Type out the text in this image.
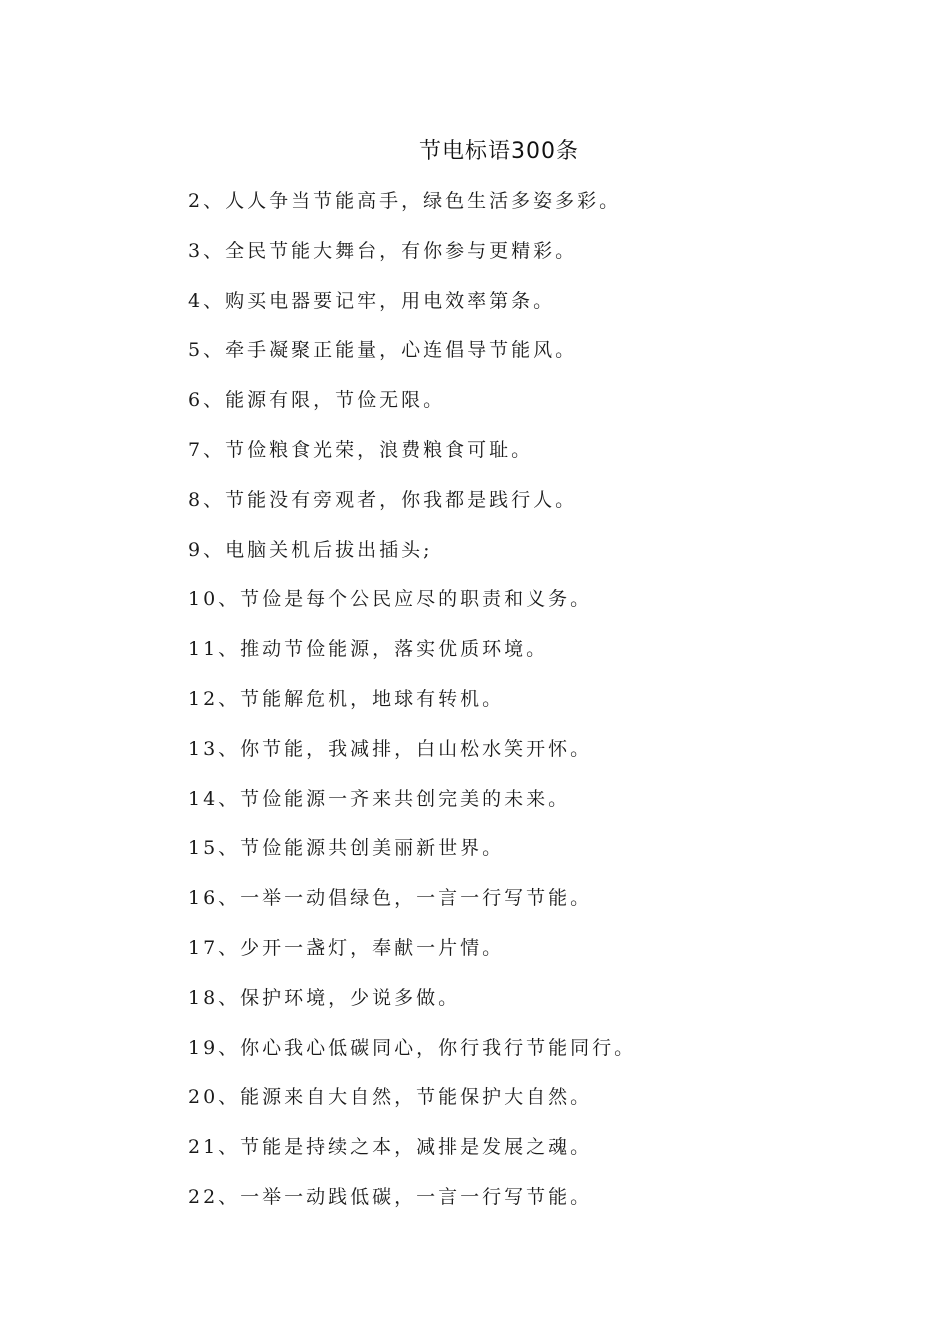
节电标语300条
2、人人争当节能高手，绿色生活多姿多彩。
3、全民节能大舞台，有你参与更精彩。
4、购买电器要记牢，用电效率第条。
5、牵手凝聚正能量，心连倡导节能风。
6、能源有限，节俭无限。
7、节俭粮食光荣，浪费粮食可耻。
8、节能没有旁观者，你我都是践行人。
9、电脑关机后拔出插头;
10、节俭是每个公民应尽的职责和义务。
11、推动节俭能源，落实优质环境。
12、节能解危机，地球有转机。
13、你节能，我减排，白山松水笑开怀。
14、节俭能源一齐来共创完美的未来。
15、节俭能源共创美丽新世界。
16、一举一动倡绿色，一言一行写节能。
17、少开一盏灯，奉献一片情。
18、保护环境，少说多做。
19、你心我心低碳同心，你行我行节能同行。
20、能源来自大自然，节能保护大自然。
21、节能是持续之本，减排是发展之魂。
22、一举一动践低碳，一言一行写节能。
